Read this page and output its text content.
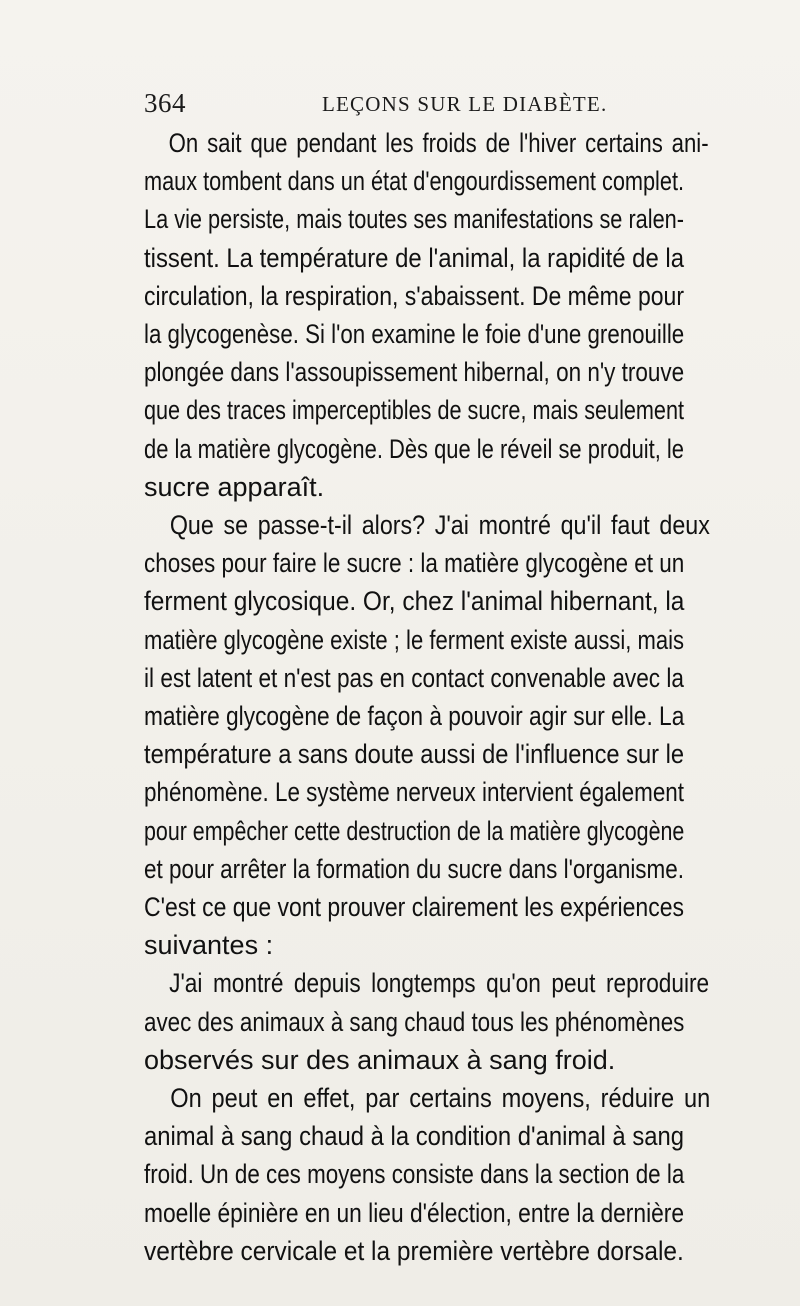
364	LEÇONS SUR LE DIABÈTE.
On sait que pendant les froids de l'hiver certains ani-
maux tombent dans un état d'engourdissement complet.
La vie persiste, mais toutes ses manifestations se ralen-
tissent. La température de l'animal, la rapidité de la
circulation, la respiration, s'abaissent. De même pour
la glycogenèse. Si l'on examine le foie d'une grenouille
plongée dans l'assoupissement hibernal, on n'y trouve
que des traces imperceptibles de sucre, mais seulement
de la matière glycogène. Dès que le réveil se produit, le
sucre apparaît.
Que se passe-t-il alors? J'ai montré qu'il faut deux
choses pour faire le sucre : la matière glycogène et un
ferment glycosique. Or, chez l'animal hibernant, la
matière glycogène existe ; le ferment existe aussi, mais
il est latent et n'est pas en contact convenable avec la
matière glycogène de façon à pouvoir agir sur elle. La
température a sans doute aussi de l'influence sur le
phénomène. Le système nerveux intervient également
pour empêcher cette destruction de la matière glycogène
et pour arrêter la formation du sucre dans l'organisme.
C'est ce que vont prouver clairement les expériences
suivantes :
J'ai montré depuis longtemps qu'on peut reproduire
avec des animaux à sang chaud tous les phénomènes
observés sur des animaux à sang froid.
On peut en effet, par certains moyens, réduire un
animal à sang chaud à la condition d'animal à sang
froid. Un de ces moyens consiste dans la section de la
moelle épinière en un lieu d'élection, entre la dernière
vertèbre cervicale et la première vertèbre dorsale.
